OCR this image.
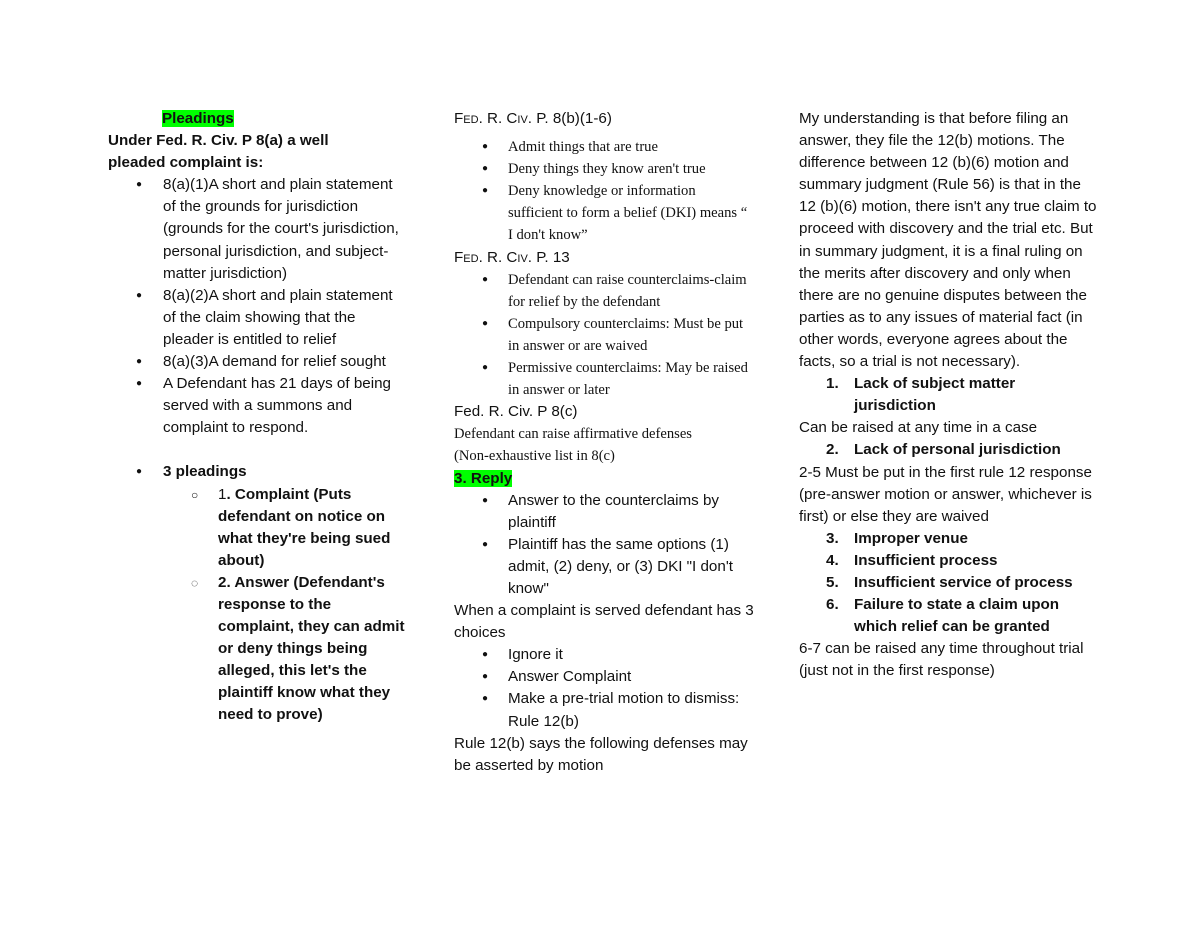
Pleadings

Under Fed. R. Civ. P 8(a) a well

pleaded complaint is:

● 8(a)(1)A short and plain statement of the grounds for jurisdiction (grounds for the court's jurisdiction, personal jurisdiction, and subject-matter jurisdiction)
● 8(a)(2)A short and plain statement of the claim showing that the pleader is entitled to relief
● 8(a)(3)A demand for relief sought
● A Defendant has 21 days of being served with a summons and complaint to respond.
● 3 pleadings
○ 1. Complaint (Puts defendant on notice on what they're being sued about)
◌ 2. Answer (Defendant's response to the complaint, they can admit or deny things being alleged, this let's the plaintiff know what they need to prove)

Fed. R. Civ. P. 8(b)(1-6)

● Admit things that are true
● Deny things they know aren't true
● Deny knowledge or information sufficient to form a belief (DKI) means “ I don't know”

Fed. R. Civ. P. 13

● Defendant can raise counterclaims-claim for relief by the defendant
● Compulsory counterclaims: Must be put in answer or are waived
● Permissive counterclaims: May be raised in answer or later

Fed. R. Civ. P 8(c)

Defendant can raise affirmative defenses

(Non-exhaustive list in 8(c)

3. Reply

● Answer to the counterclaims by plaintiff
● Plaintiff has the same options (1) admit, (2) deny, or (3) DKI "I don't know"

When a complaint is served defendant has 3 choices

● Ignore it
● Answer Complaint
● Make a pre-trial motion to dismiss: Rule 12(b)

Rule 12(b) says the following defenses may be asserted by motion

My understanding is that before filing an answer, they file the 12(b) motions. The difference between 12 (b)(6) motion and summary judgment (Rule 56) is that in the 12 (b)(6) motion, there isn't any true claim to proceed with discovery and the trial etc. But in summary judgment, it is a final ruling on the merits after discovery and only when there are no genuine disputes between the parties as to any issues of material fact (in other words, everyone agrees about the facts, so a trial is not necessary).

1. Lack of subject matter jurisdiction

Can be raised at any time in a case

2. Lack of personal jurisdiction

2-5 Must be put in the first rule 12 response (pre-answer motion or answer, whichever is first) or else they are waived

3. Improper venue
4. Insufficient process
5. Insufficient service of process
6. Failure to state a claim upon which relief can be granted

6-7 can be raised any time throughout trial (just not in the first response)
